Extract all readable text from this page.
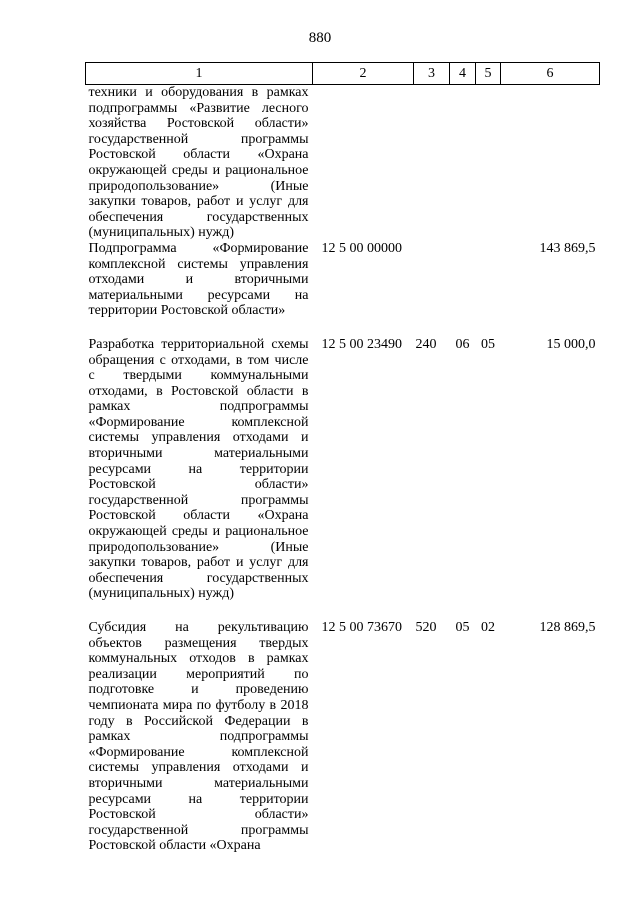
880
1	2	3	4	5	6
техники и оборудования в рамках подпрограммы «Развитие лесного хозяйства Ростовской области» государственной программы Ростовской области «Охрана окружающей среды и рациональное природопользование» (Иные закупки товаров, работ и услуг для обеспечения государственных (муниципальных) нужд)					
Подпрограмма «Формирование комплексной системы управления отходами и вторичными материальными ресурсами на территории Ростовской области»	12 5 00 00000				143 869,5
Разработка территориальной схемы обращения с отходами, в том числе с твердыми коммунальными отходами, в Ростовской области в рамках подпрограммы «Формирование комплексной системы управления отходами и вторичными материальными ресурсами на территории Ростовской области» государственной программы Ростовской области «Охрана окружающей среды и рациональное природопользование» (Иные закупки товаров, работ и услуг для обеспечения государственных (муниципальных) нужд)	12 5 00 23490	240	06	05	15 000,0
Субсидия на рекультивацию объектов размещения твердых коммунальных отходов в рамках реализации мероприятий по подготовке и проведению чемпионата мира по футболу в 2018 году в Российской Федерации в рамках подпрограммы «Формирование комплексной системы управления отходами и вторичными материальными ресурсами на территории Ростовской области» государственной программы Ростовской области «Охрана	12 5 00 73670	520	05	02	128 869,5
